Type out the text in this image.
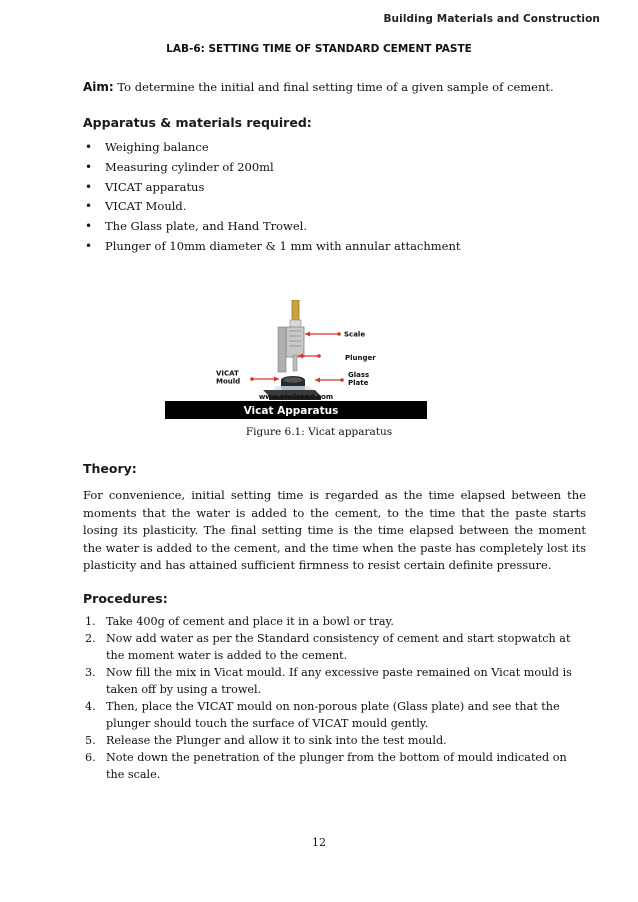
Building Materials and Construction
LAB-6: SETTING TIME OF STANDARD CEMENT PASTE
Aim: To determine the initial and final setting time of a given sample of cement.
Apparatus & materials required:
• Weighing balance
• Measuring cylinder of 200ml
• VICAT apparatus
• VICAT Mould.
• The Glass plate, and Hand Trowel.
• Plunger of 10mm diameter & 1 mm with annular attachment
Scale
Plunger
VICAT
Mould
Glass
Plate
www.civilread.com
Vicat Apparatus
Figure 6.1: Vicat apparatus
Theory:

For convenience, initial setting time is regarded as the time elapsed between the moments that the water is added to the cement, to the time that the paste starts losing its plasticity. The final setting time is the time elapsed between the moment the water is added to the cement, and the time when the paste has completely lost its plasticity and has attained sufficient firmness to resist certain definite pressure.

Procedures:
1. Take 400g of cement and place it in a bowl or tray.
2. Now add water as per the Standard consistency of cement and start stopwatch at the moment water is added to the cement.
3. Now fill the mix in Vicat mould. If any excessive paste remained on Vicat mould is taken off by using a trowel.
4. Then, place the VICAT mould on non-porous plate (Glass plate) and see that the plunger should touch the surface of VICAT mould gently.
5. Release the Plunger and allow it to sink into the test mould.
6. Note down the penetration of the plunger from the bottom of mould indicated on the scale.
12
